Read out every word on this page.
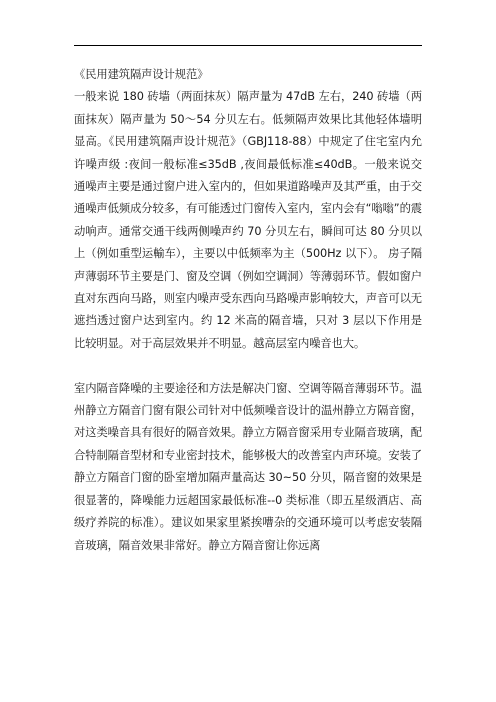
《民用建筑隔声设计规范》

一般来说 180 砖墙（两面抹灰）隔声量为 47dB 左右，240 砖墙（两面抹灰）隔声量为 50～54 分贝左右。低频隔声效果比其他轻体墙明显高。《民用建筑隔声设计规范》（GBJ118-88）中规定了住宅室内允许噪声级 :夜间一般标准≤35dB ,夜间最低标准≤40dB。一般来说交通噪声主要是通过窗户进入室内的，但如果道路噪声及其严重，由于交通噪声低频成分较多，有可能透过门窗传入室内，室内会有“嗡嗡”的震动响声。通常交通干线两侧噪声约 70 分贝左右，瞬间可达 80 分贝以上（例如重型运輸车），主要以中低频率为主（500Hz 以下）。 房子隔声薄弱环节主要是门、窗及空调（例如空调洞）等薄弱环节。假如窗户直对东西向马路，则室内噪声受东西向马路噪声影响较大，声音可以无遮挡透过窗户达到室内。约 12 米高的隔音墙，只对 3 层以下作用是比较明显。对于高层效果并不明显。越高层室内噪音也大。

室内隔音降噪的主要途径和方法是解决门窗、空调等隔音薄弱环节。温州静立方隔音门窗有限公司针对中低频噪音设计的温州静立方隔音窗，对这类噪音具有很好的隔音效果。静立方隔音窗采用专业隔音玻璃，配合特制隔音型材和专业密封技术，能够极大的改善室内声环境。安装了静立方隔音门窗的卧室增加隔声量高达 30~50 分贝，隔音窗的效果是很显著的，降噪能力远超国家最低标准--0 类标准（即五星级酒店、高级疗养院的标准）。建议如果家里紧挨嘈杂的交通环境可以考虑安装隔音玻璃，隔音效果非常好。静立方隔音窗让你远离
